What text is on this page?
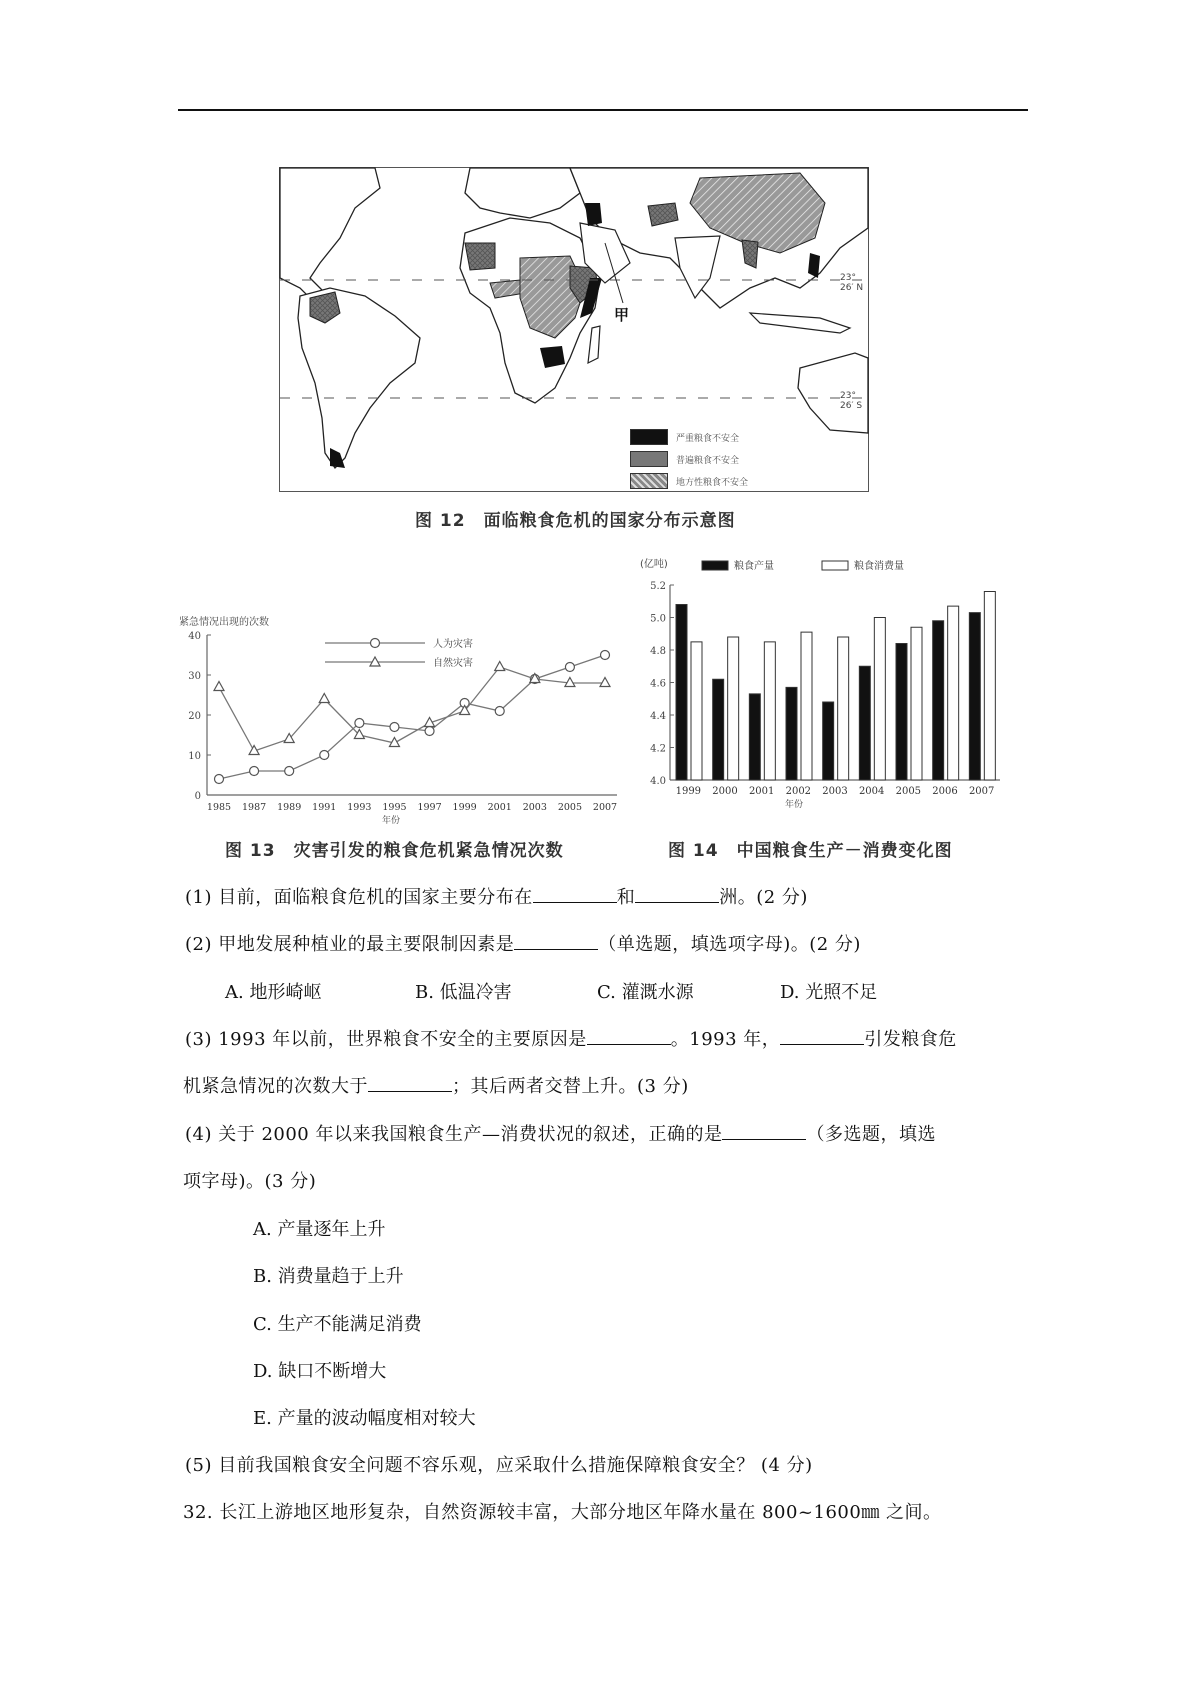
23° 26′ N
23° 26′ S
甲
严重粮食不安全
普遍粮食不安全
地方性粮食不安全
图 12　面临粮食危机的国家分布示意图
紧急情况出现的次数
0
10
20
30
40
1985 1987 1989 1991 1993 1995 1997 1999 2001 2003 2005 2007
年份
人为灾害
自然灾害
图 13　灾害引发的粮食危机紧急情况次数
(亿吨)
4.0
4.2
4.4
4.6
4.8
5.0
5.2
1999 2000 2001 2002 2003 2004 2005 2006 2007
年份
粮食产量	粮食消费量
图 14　中国粮食生产－消费变化图
(1) 目前，面临粮食危机的国家主要分布在	和	洲。(2 分)
(2) 甲地发展种植业的最主要限制因素是	（单选题，填选项字母)。(2 分)
A. 地形崎岖	B. 低温冷害	C. 灌溉水源	D. 光照不足
(3) 1993 年以前，世界粮食不安全的主要原因是	。1993 年，	引发粮食危
机紧急情况的次数大于	；其后两者交替上升。(3 分)
(4) 关于 2000 年以来我国粮食生产—消费状况的叙述，正确的是	（多选题，填选
项字母)。(3 分)
A. 产量逐年上升
B. 消费量趋于上升
C. 生产不能满足消费
D. 缺口不断增大
E. 产量的波动幅度相对较大
(5) 目前我国粮食安全问题不容乐观，应采取什么措施保障粮食安全？ (4 分)
32. 长江上游地区地形复杂，自然资源较丰富，大部分地区年降水量在 800~1600㎜ 之间。
